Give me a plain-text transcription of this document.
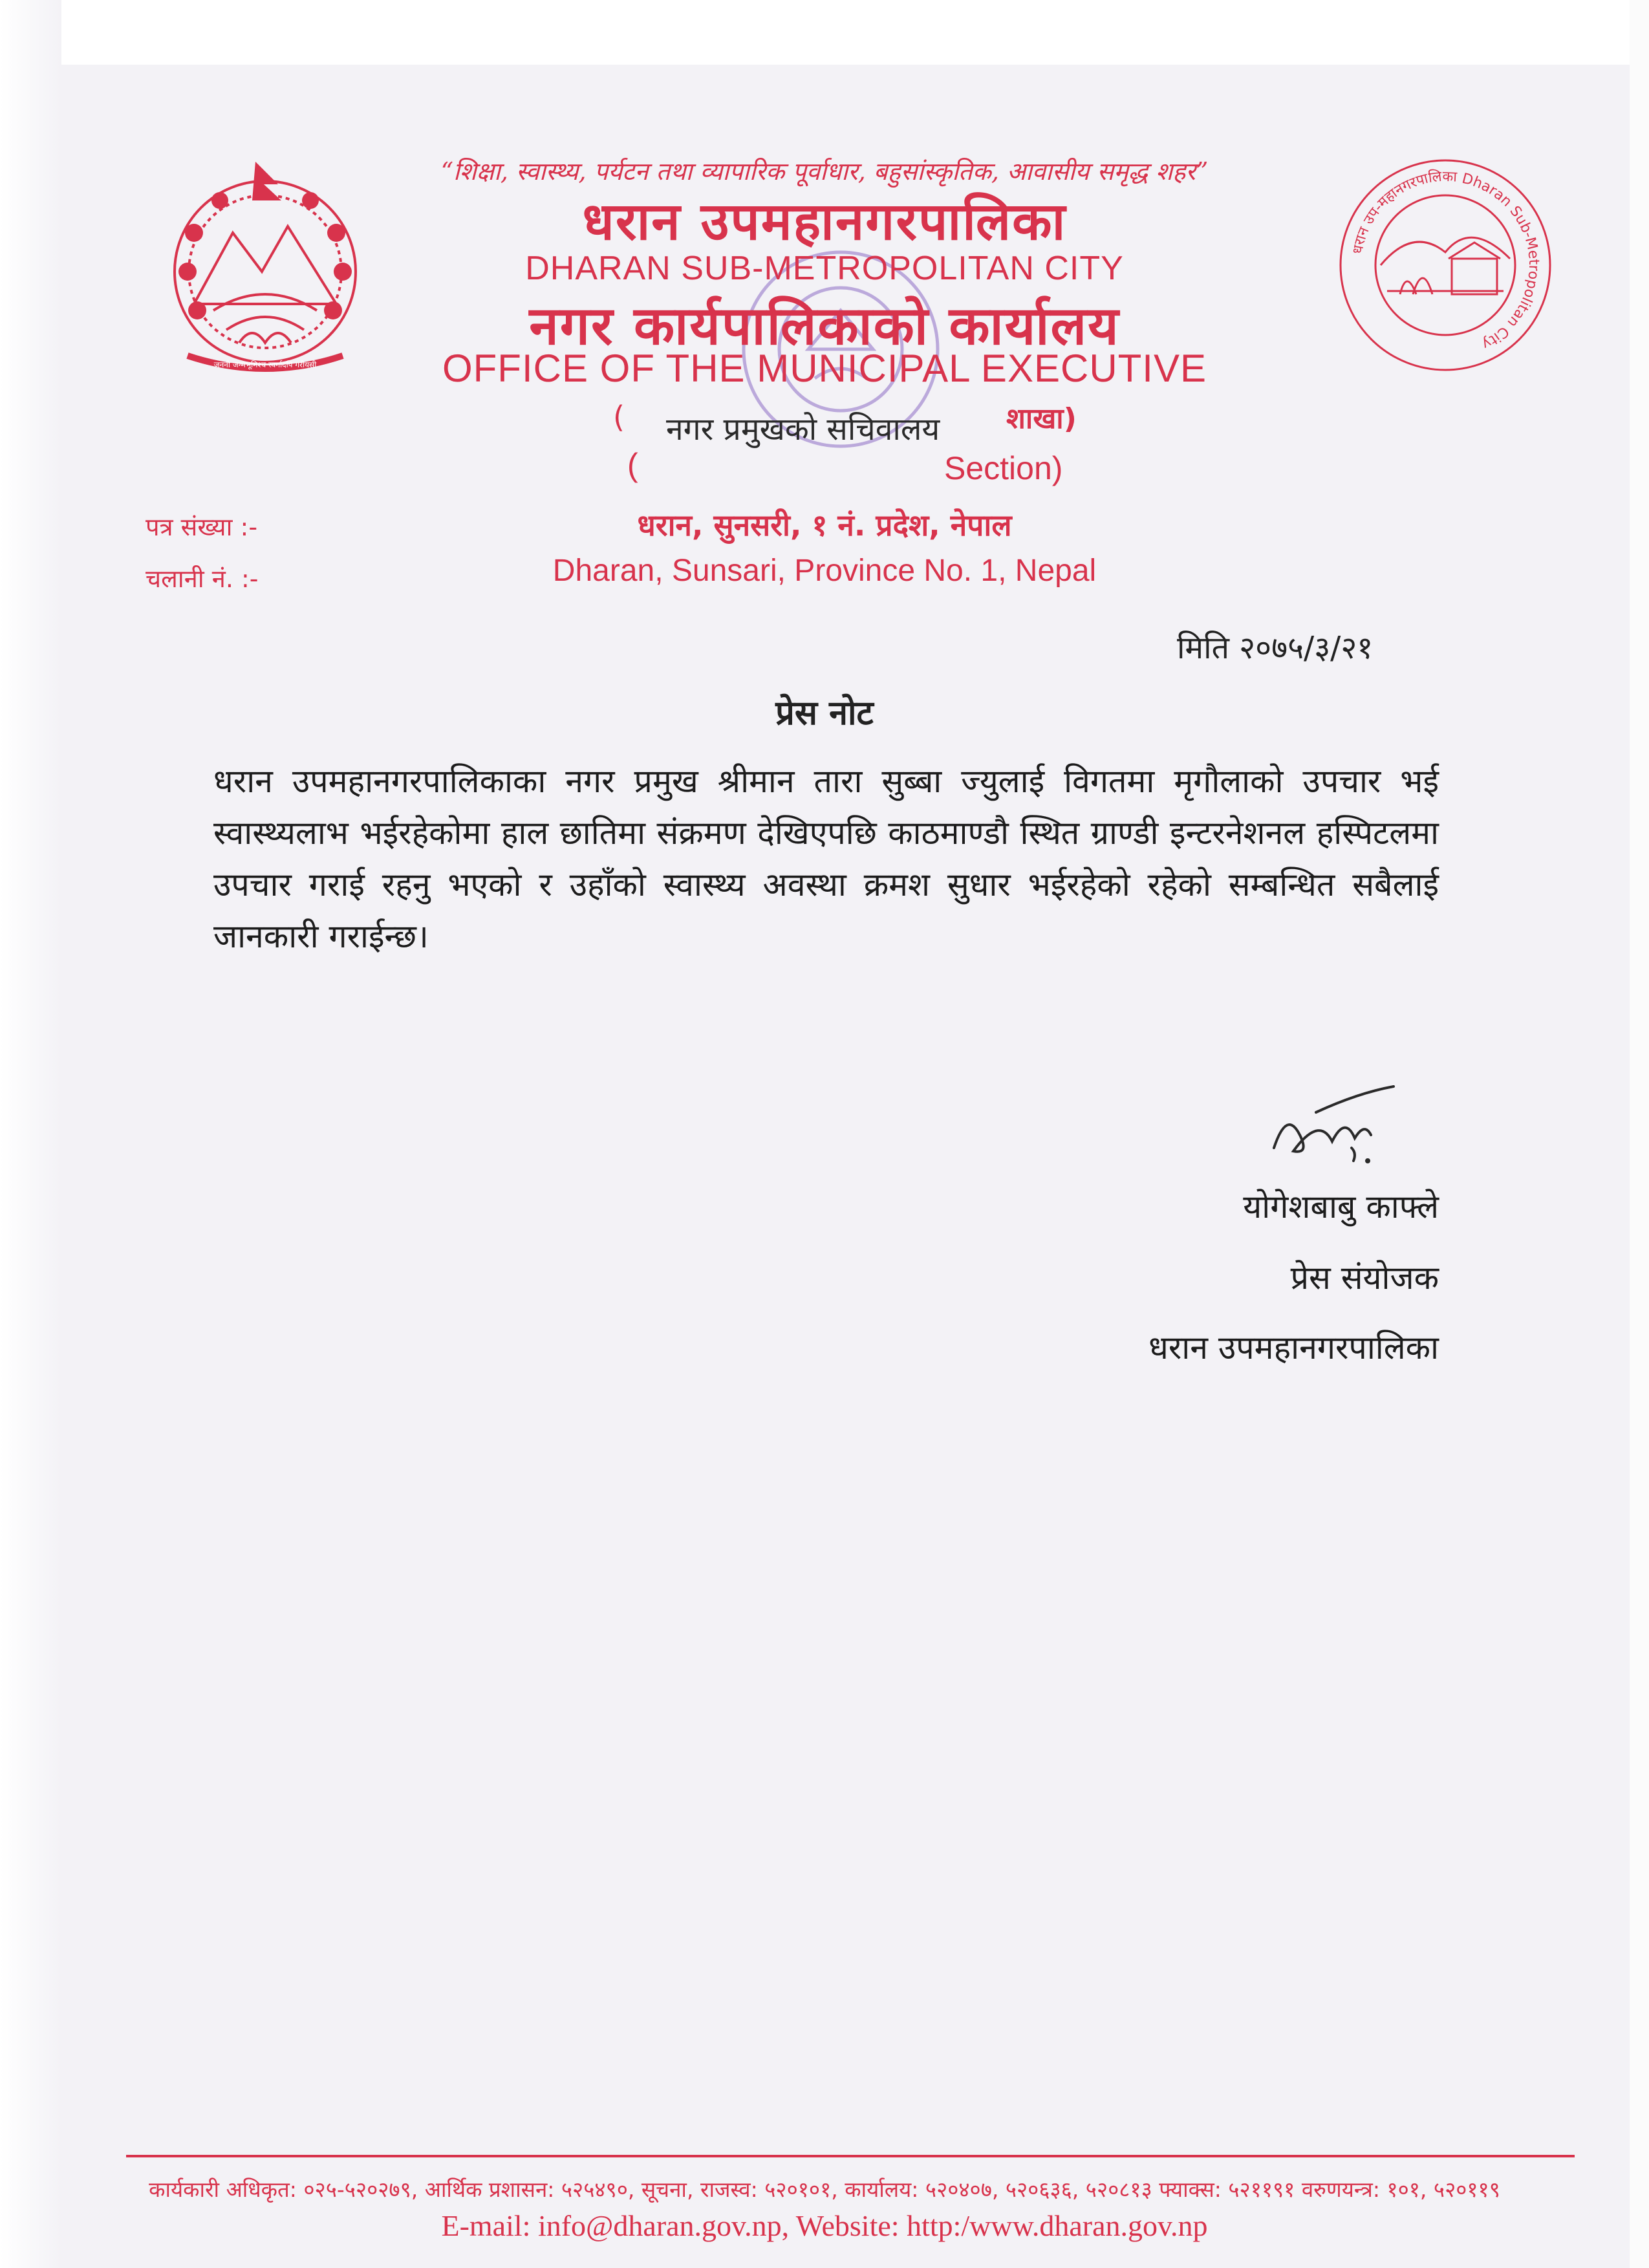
जननी जन्मभूमिश्च स्वर्गादपि गरीयसी
धरान उप-महानगरपालिका Dharan Sub-Metropolitan City
“शिक्षा, स्वास्थ्य, पर्यटन तथा व्यापारिक पूर्वाधार, बहुसांस्कृतिक, आवासीय समृद्ध शहर”
धरान उपमहानगरपालिका
DHARAN SUB-METROPOLITAN CITY
नगर कार्यपालिकाको कार्यालय
OFFICE OF THE MUNICIPAL EXECUTIVE
( नगर प्रमुखको सचिवालय शाखा)
(	Section)
पत्र संख्या :-
चलानी नं. :-
धरान, सुनसरी, १ नं. प्रदेश, नेपाल
Dharan, Sunsari, Province No. 1, Nepal
मिति २०७५/३/२१
प्रेस नोट
धरान उपमहानगरपालिकाका नगर प्रमुख श्रीमान तारा सुब्बा ज्युलाई विगतमा मृगौलाको उपचार भई स्वास्थ्यलाभ भईरहेकोमा हाल छातिमा संक्रमण देखिएपछि काठमाण्डौ स्थित ग्राण्डी इन्टरनेशनल हस्पिटलमा उपचार गराई रहनु भएको र उहाँको स्वास्थ्य अवस्था क्रमश सुधार भईरहेको रहेको सम्बन्धित सबैलाई जानकारी गराईन्छ।
योगेशबाबु काफ्ले
प्रेस संयोजक
धरान उपमहानगरपालिका
कार्यकारी अधिकृत: ०२५-५२०२७९, आर्थिक प्रशासन: ५२५४९०, सूचना, राजस्व: ५२०१०१, कार्यालय: ५२०४०७, ५२०६३६, ५२०८१३ फ्याक्स: ५२११९१ वरुणयन्त्र: १०१, ५२०११९
E-mail: info@dharan.gov.np, Website: http:/www.dharan.gov.np
